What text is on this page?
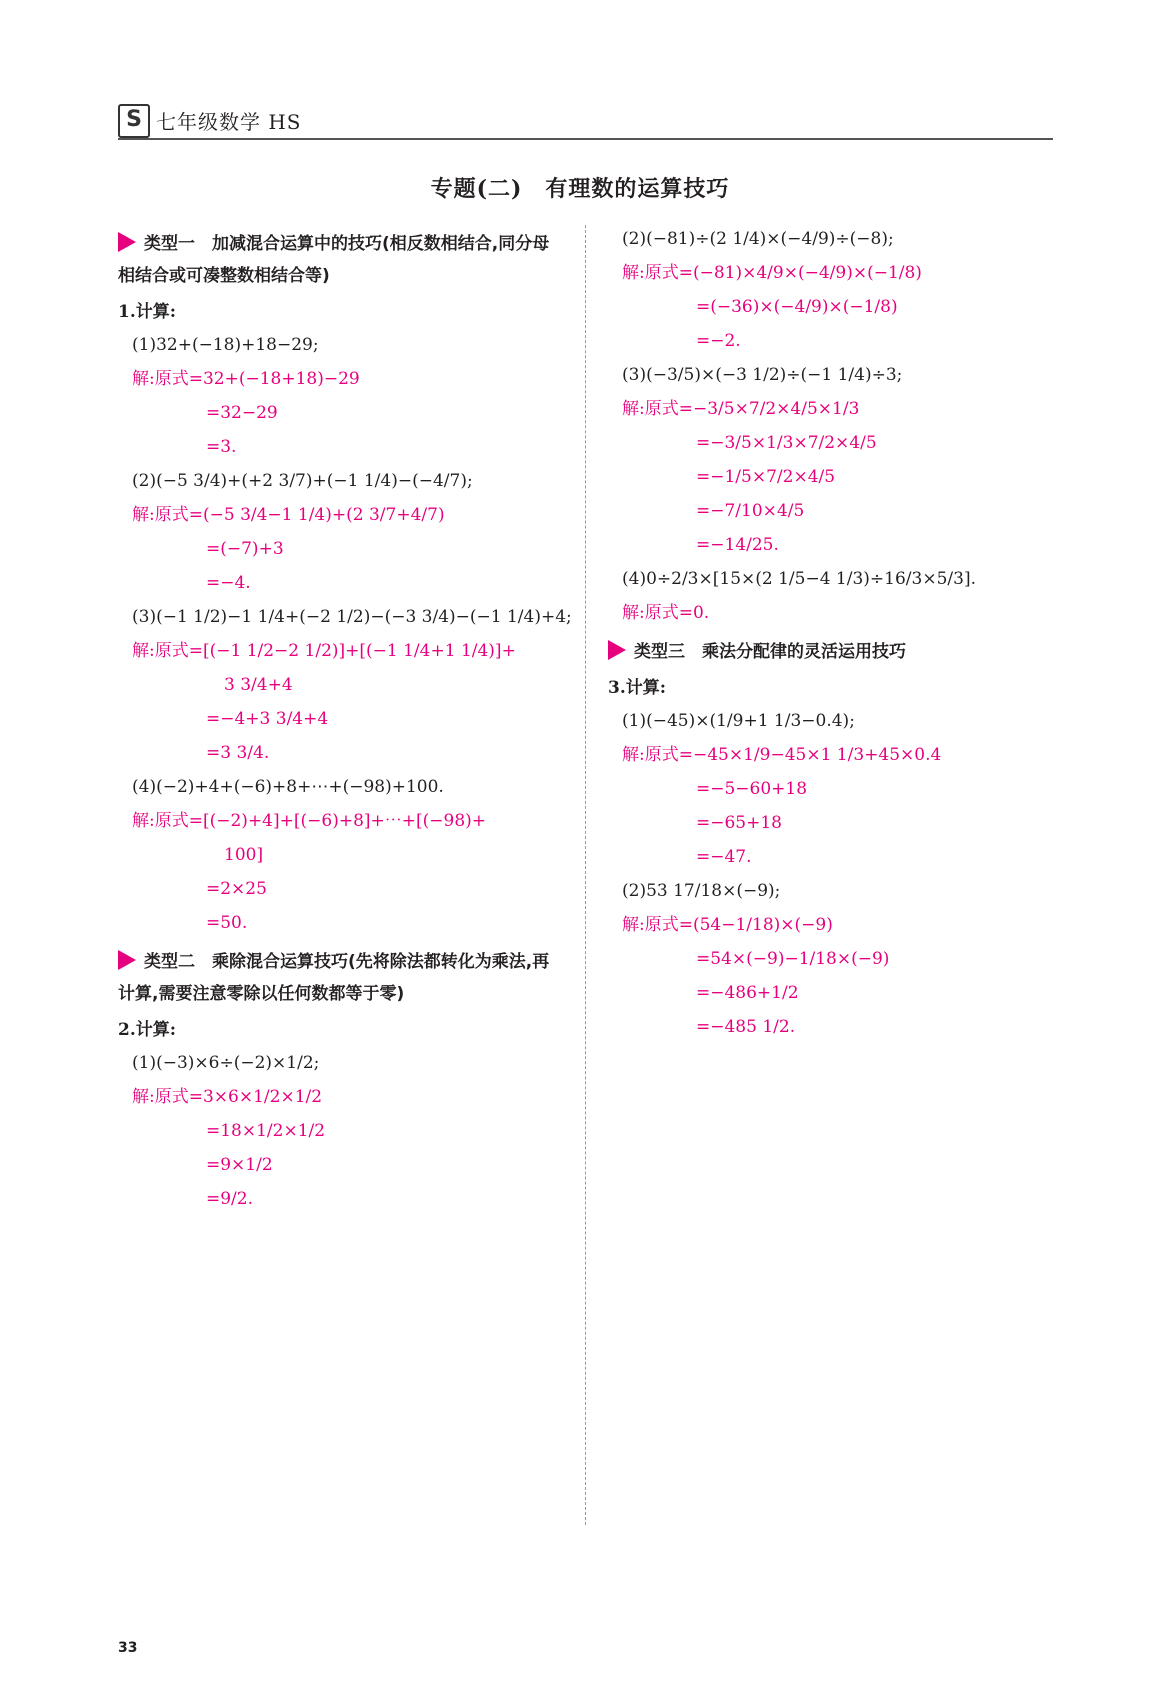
S 七年级数学 HS
专题(二)　有理数的运算技巧
类型一　加减混合运算中的技巧(相反数相结合,同分母相结合或可凑整数相结合等)
1.计算:
(1)32+(−18)+18−29;
解:原式=32+(−18+18)−29
=32−29
=3.
(2)(−5 3/4)+(+2 3/7)+(−1 1/4)−(−4/7);
解:原式=(−5 3/4−1 1/4)+(2 3/7+4/7)
=(−7)+3
=−4.
(3)(−1 1/2)−1 1/4+(−2 1/2)−(−3 3/4)−(−1 1/4)+4;
解:原式=[(−1 1/2−2 1/2)]+[(−1 1/4+1 1/4)]+
3 3/4+4
=−4+3 3/4+4
=3 3/4.
(4)(−2)+4+(−6)+8+⋯+(−98)+100.
解:原式=[(−2)+4]+[(−6)+8]+⋯+[(−98)+
100]
=2×25
=50.
类型二　乘除混合运算技巧(先将除法都转化为乘法,再计算,需要注意零除以任何数都等于零)
2.计算:
(1)(−3)×6÷(−2)×1/2;
解:原式=3×6×1/2×1/2
=18×1/2×1/2
=9×1/2
=9/2.
(2)(−81)÷(2 1/4)×(−4/9)÷(−8);
解:原式=(−81)×4/9×(−4/9)×(−1/8)
=(−36)×(−4/9)×(−1/8)
=−2.
(3)(−3/5)×(−3 1/2)÷(−1 1/4)÷3;
解:原式=−3/5×7/2×4/5×1/3
=−3/5×1/3×7/2×4/5
=−1/5×7/2×4/5
=−7/10×4/5
=−14/25.
(4)0÷2/3×[15×(2 1/5−4 1/3)÷16/3×5/3].
解:原式=0.
类型三　乘法分配律的灵活运用技巧
3.计算:
(1)(−45)×(1/9+1 1/3−0.4);
解:原式=−45×1/9−45×1 1/3+45×0.4
=−5−60+18
=−65+18
=−47.
(2)53 17/18×(−9);
解:原式=(54−1/18)×(−9)
=54×(−9)−1/18×(−9)
=−486+1/2
=−485 1/2.
33
